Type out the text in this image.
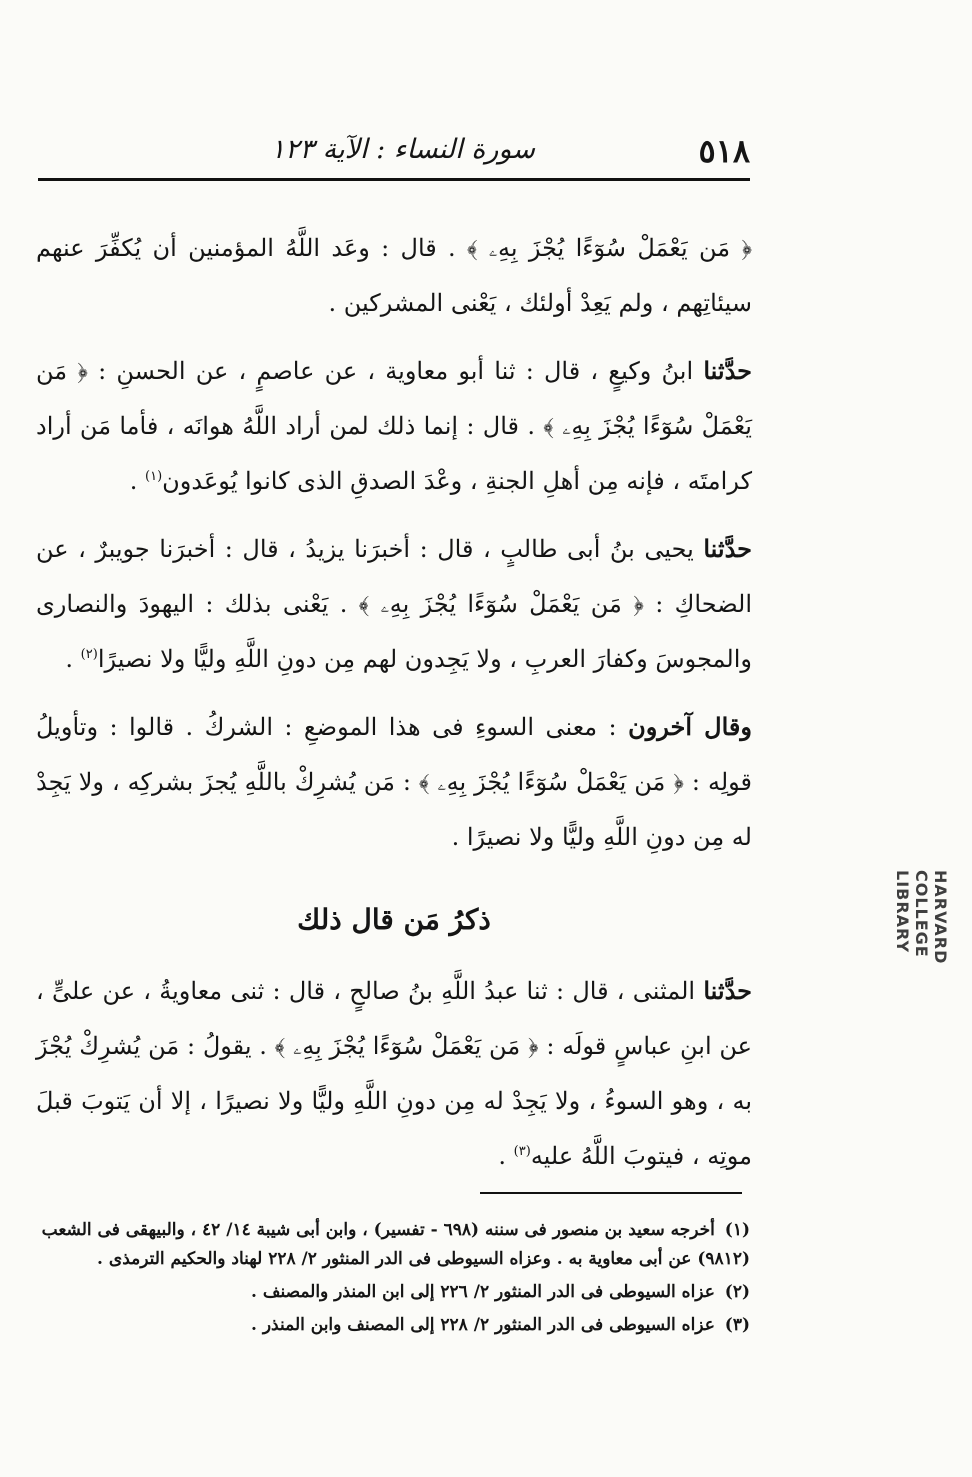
٥١٨
سورة النساء : الآية ١٢٣

﴿ مَن يَعْمَلْ سُوٓءًا يُجْزَ بِهِۦ ﴾ . قال : وعَد اللَّهُ المؤمنين أن يُكفِّرَ عنهم سيئاتِهم ، ولم يَعِدْ أولئك ، يَعْنى المشركين .

حدَّثنا ابنُ وكيعٍ ، قال : ثنا أبو معاوية ، عن عاصمٍ ، عن الحسنِ : ﴿ مَن يَعْمَلْ سُوٓءًا يُجْزَ بِهِۦ ﴾ . قال : إنما ذلك لمن أراد اللَّهُ هوانَه ، فأما مَن أراد كرامتَه ، فإنه مِن أهلِ الجنةِ ، وعْدَ الصدقِ الذى كانوا يُوعَدون$^{(١)}$ .

حدَّثنا يحيى بنُ أبى طالبٍ ، قال : أخبرَنا يزيدُ ، قال : أخبرَنا جويبرٌ ، عن الضحاكِ : ﴿ مَن يَعْمَلْ سُوٓءًا يُجْزَ بِهِۦ ﴾ . يَعْنى بذلك : اليهودَ والنصارى والمجوسَ وكفارَ العربِ ، ولا يَجِدون لهم مِن دونِ اللَّهِ وليًّا ولا نصيرًا$^{(٢)}$ .

وقال آخرون : معنى السوءِ فى هذا الموضعِ : الشركُ . قالوا : وتأويلُ قولِه : ﴿ مَن يَعْمَلْ سُوٓءًا يُجْزَ بِهِۦ ﴾ : مَن يُشرِكْ باللَّهِ يُجزَ بشركِه ، ولا يَجِدْ له مِن دونِ اللَّهِ وليًّا ولا نصيرًا .

ذكرُ مَن قال ذلك

حدَّثنا المثنى ، قال : ثنا عبدُ اللَّهِ بنُ صالحٍ ، قال : ثنى معاويةُ ، عن علىٍّ ، عن ابنِ عباسٍ قولَه : ﴿ مَن يَعْمَلْ سُوٓءًا يُجْزَ بِهِۦ ﴾ . يقولُ : مَن يُشرِكْ يُجْزَ به ، وهو السوءُ ، ولا يَجِدْ له مِن دونِ اللَّهِ وليًّا ولا نصيرًا ، إلا أن يَتوبَ قبلَ موتِه ، فيتوبَ اللَّهُ عليه$^{(٣)}$ .

(١) أخرجه سعيد بن منصور فى سننه (٦٩٨ - تفسير) ، وابن أبى شيبة ١٤/ ٤٢ ، والبيهقى فى الشعب (٩٨١٢) عن أبى معاوية به . وعزاه السيوطى فى الدر المنثور ٢/ ٢٢٨ لهناد والحكيم الترمذى .

(٢) عزاه السيوطى فى الدر المنثور ٢/ ٢٢٦ إلى ابن المنذر والمصنف .

(٣) عزاه السيوطى فى الدر المنثور ٢/ ٢٢٨ إلى المصنف وابن المنذر .

HARVARD COLLEGE LIBRARY
